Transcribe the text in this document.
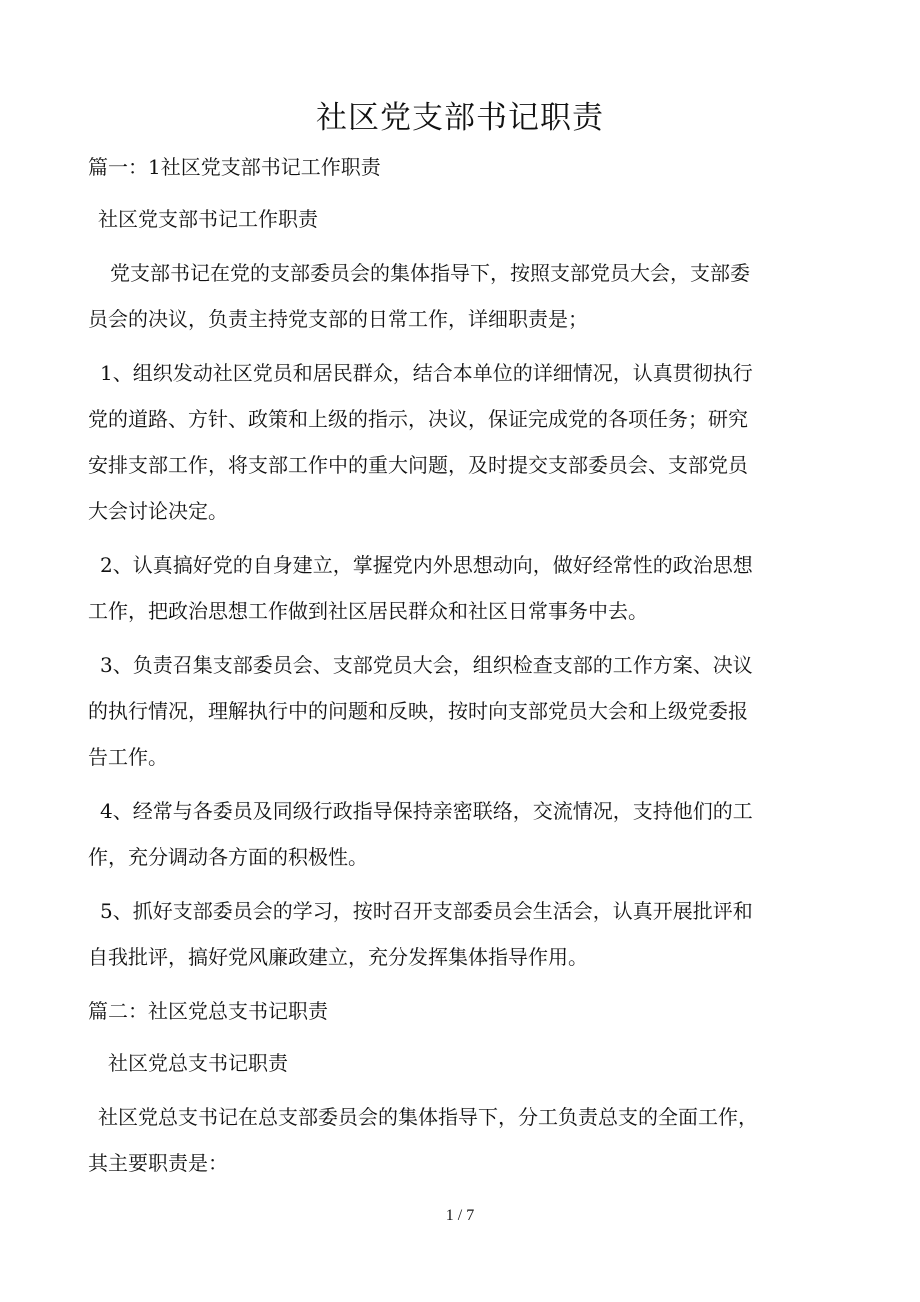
社区党支部书记职责

篇一：1社区党支部书记工作职责

社区党支部书记工作职责

党支部书记在党的支部委员会的集体指导下，按照支部党员大会，支部委

员会的决议，负责主持党支部的日常工作，详细职责是；

1、组织发动社区党员和居民群众，结合本单位的详细情况，认真贯彻执行

党的道路、方针、政策和上级的指示，决议，保证完成党的各项任务；研究

安排支部工作，将支部工作中的重大问题，及时提交支部委员会、支部党员

大会讨论决定。

2、认真搞好党的自身建立，掌握党内外思想动向，做好经常性的政治思想

工作，把政治思想工作做到社区居民群众和社区日常事务中去。

3、负责召集支部委员会、支部党员大会，组织检查支部的工作方案、决议

的执行情况，理解执行中的问题和反映，按时向支部党员大会和上级党委报

告工作。

4、经常与各委员及同级行政指导保持亲密联络，交流情况，支持他们的工

作，充分调动各方面的积极性。

5、抓好支部委员会的学习，按时召开支部委员会生活会，认真开展批评和

自我批评，搞好党风廉政建立，充分发挥集体指导作用。

篇二：社区党总支书记职责

社区党总支书记职责

社区党总支书记在总支部委员会的集体指导下，分工负责总支的全面工作，

其主要职责是：

1 / 7
